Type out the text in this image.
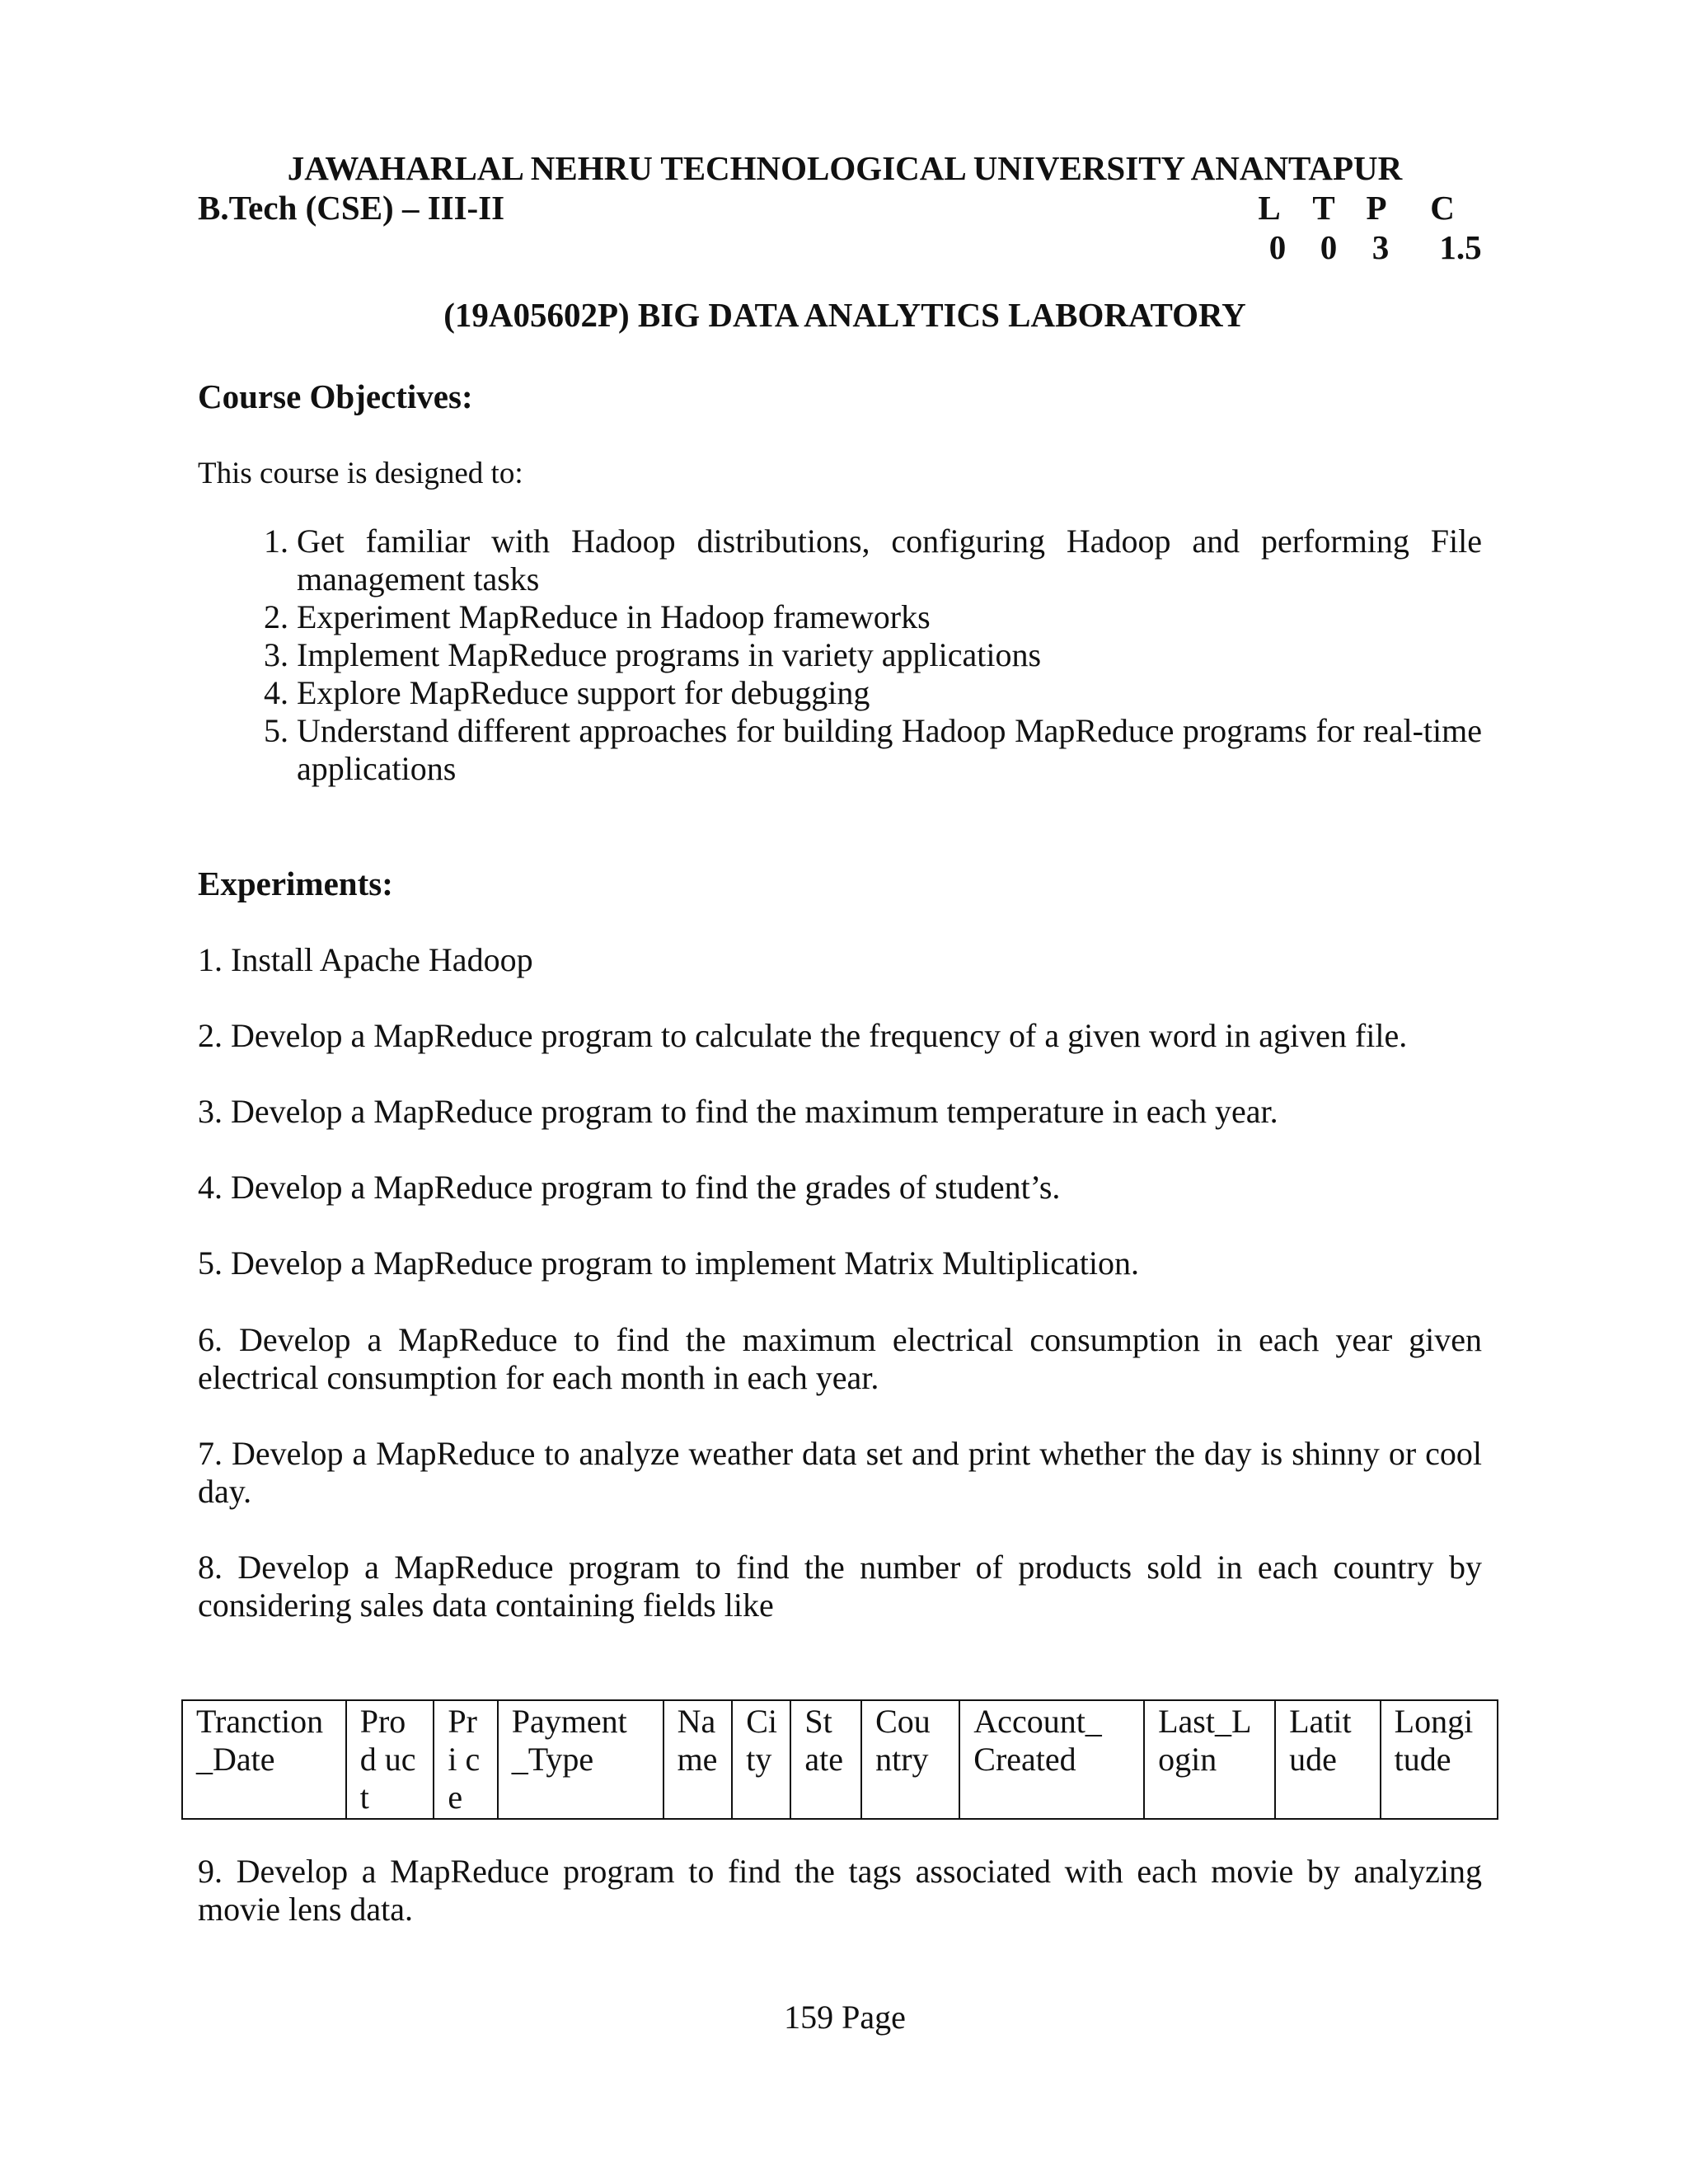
JAWAHARLAL NEHRU TECHNOLOGICAL UNIVERSITY ANANTAPUR
B.Tech (CSE) – III-II	L T P	C
0	0	3	1.5
(19A05602P) BIG DATA ANALYTICS LABORATORY
Course Objectives:
This course is designed to:
1. Get familiar with Hadoop distributions, configuring Hadoop and performing File management tasks
2. Experiment MapReduce in Hadoop frameworks
3. Implement MapReduce programs in variety applications
4. Explore MapReduce support for debugging
5. Understand different approaches for building Hadoop MapReduce programs for real-time applications
Experiments:
1. Install Apache Hadoop
2. Develop a MapReduce program to calculate the frequency of a given word in agiven file.
3. Develop a MapReduce program to find the maximum temperature in each year.
4. Develop a MapReduce program to find the grades of student’s.
5. Develop a MapReduce program to implement Matrix Multiplication.
6. Develop a MapReduce to find the maximum electrical consumption in each year given electrical consumption for each month in each year.
7. Develop a MapReduce to analyze weather data set and print whether the day is shinny or cool day.
8. Develop a MapReduce program to find the number of products sold in each country by considering sales data containing fields like
Tranction _Date	Prod uct	Pri ce	Payment _Type	Na me	Ci ty	St ate	Cou ntry	Account_ Created	Last_L ogin	Latit ude	Longi tude
9. Develop a MapReduce program to find the tags associated with each movie by analyzing movie lens data.
159 Page
